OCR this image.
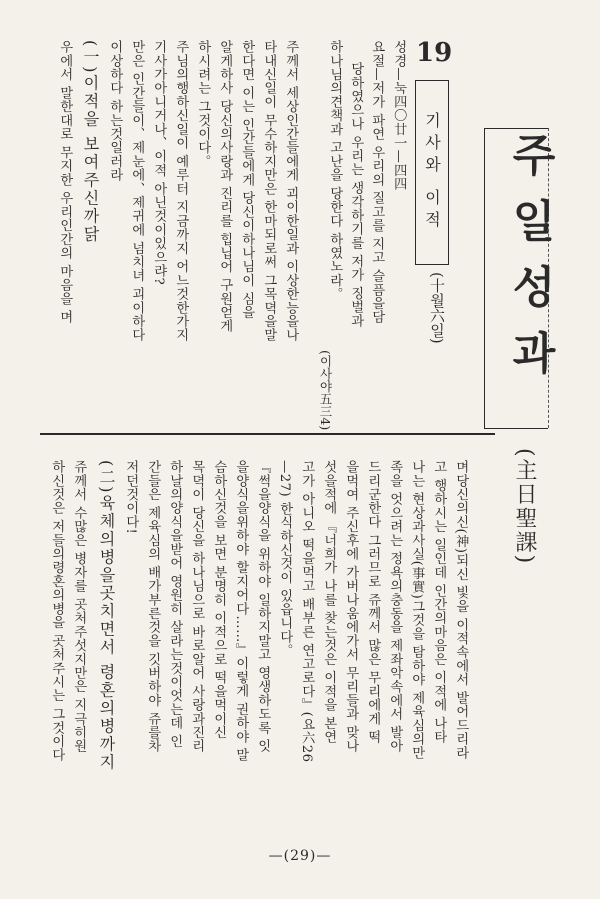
주일성과
(主日聖課)
19
기사와 이적
(十월六일)
성경—눅四〇廿一—四四
요절—저가 파연 우리의 질고를 지고 슬픔을담
당하였으나 우리는 생각하기를 저가 징벌과
하나님의견책과 고난을 당한다 하였노라。
(이사야五三4)
주께서 세상인간들에게 괴이한일과 이상한능을나
타내신일이 무수하지만은 한마되로써 그목뎍을말
한다면 이는 인간들에게 당신이하나님이 심을
알게하사 당신의사랑과 진리를 힙닙어 구원얻게
하시려는 그것이다。
주님의행하신일이 예루터 지금까지 어느것한가지
기사가아니거나、이적 아닌것이있으랴?
만은 인간들이、제눈에、제귀에 넘치녀 괴이하다
이상하다 하는것일러라
(一)이적을 보여주신까닭
우에서 말한대로 무지한 우리인간의 마음을 며
며당신의신(神)되신 빛을 이적속에서 발어드리라
고 행하시는 일인데 인간의마음은 이적에 나타
나는 현상과사실(事實)그것을 탐하야 제육심의만
족을 엇으려는 정욕의충동을 제좌악속에서 발아
드리군한다 그러므로 쥬께서 많은 무리에게 떡
을먹여 주신후에 가버나움에가서 무리들과 맞나
섯을적에 『너희가 나를 찾는것은 이적을 본연
고가 아니오 떡을먹고 배부른 연고로다』(요六26
—27) 한식하신것이 있읍니다。
『썩을양식을 위하야 일하지말고 영생하도록 잇
을양식을위하야 할지어다……』이렇게 권하야 말
슴하신것을 보면 분명히 이적으로 떡을먹이신
목뎍이 당신을 하나님으로 바로알어 사랑과진리
하날의양식을받어 영원히 살라는것이엇는데 인
간들은 제육심의 배가부른것을 깃버하야 쥬를차
저던것이다!
(二)육체의병을곳치면서 령혼의병까지
쥬께서 수많은 병자를 곳처주섯지만은 지극히원
하신것은 저들의령혼의병을 곳처주시는 그것이다
—(29)—
